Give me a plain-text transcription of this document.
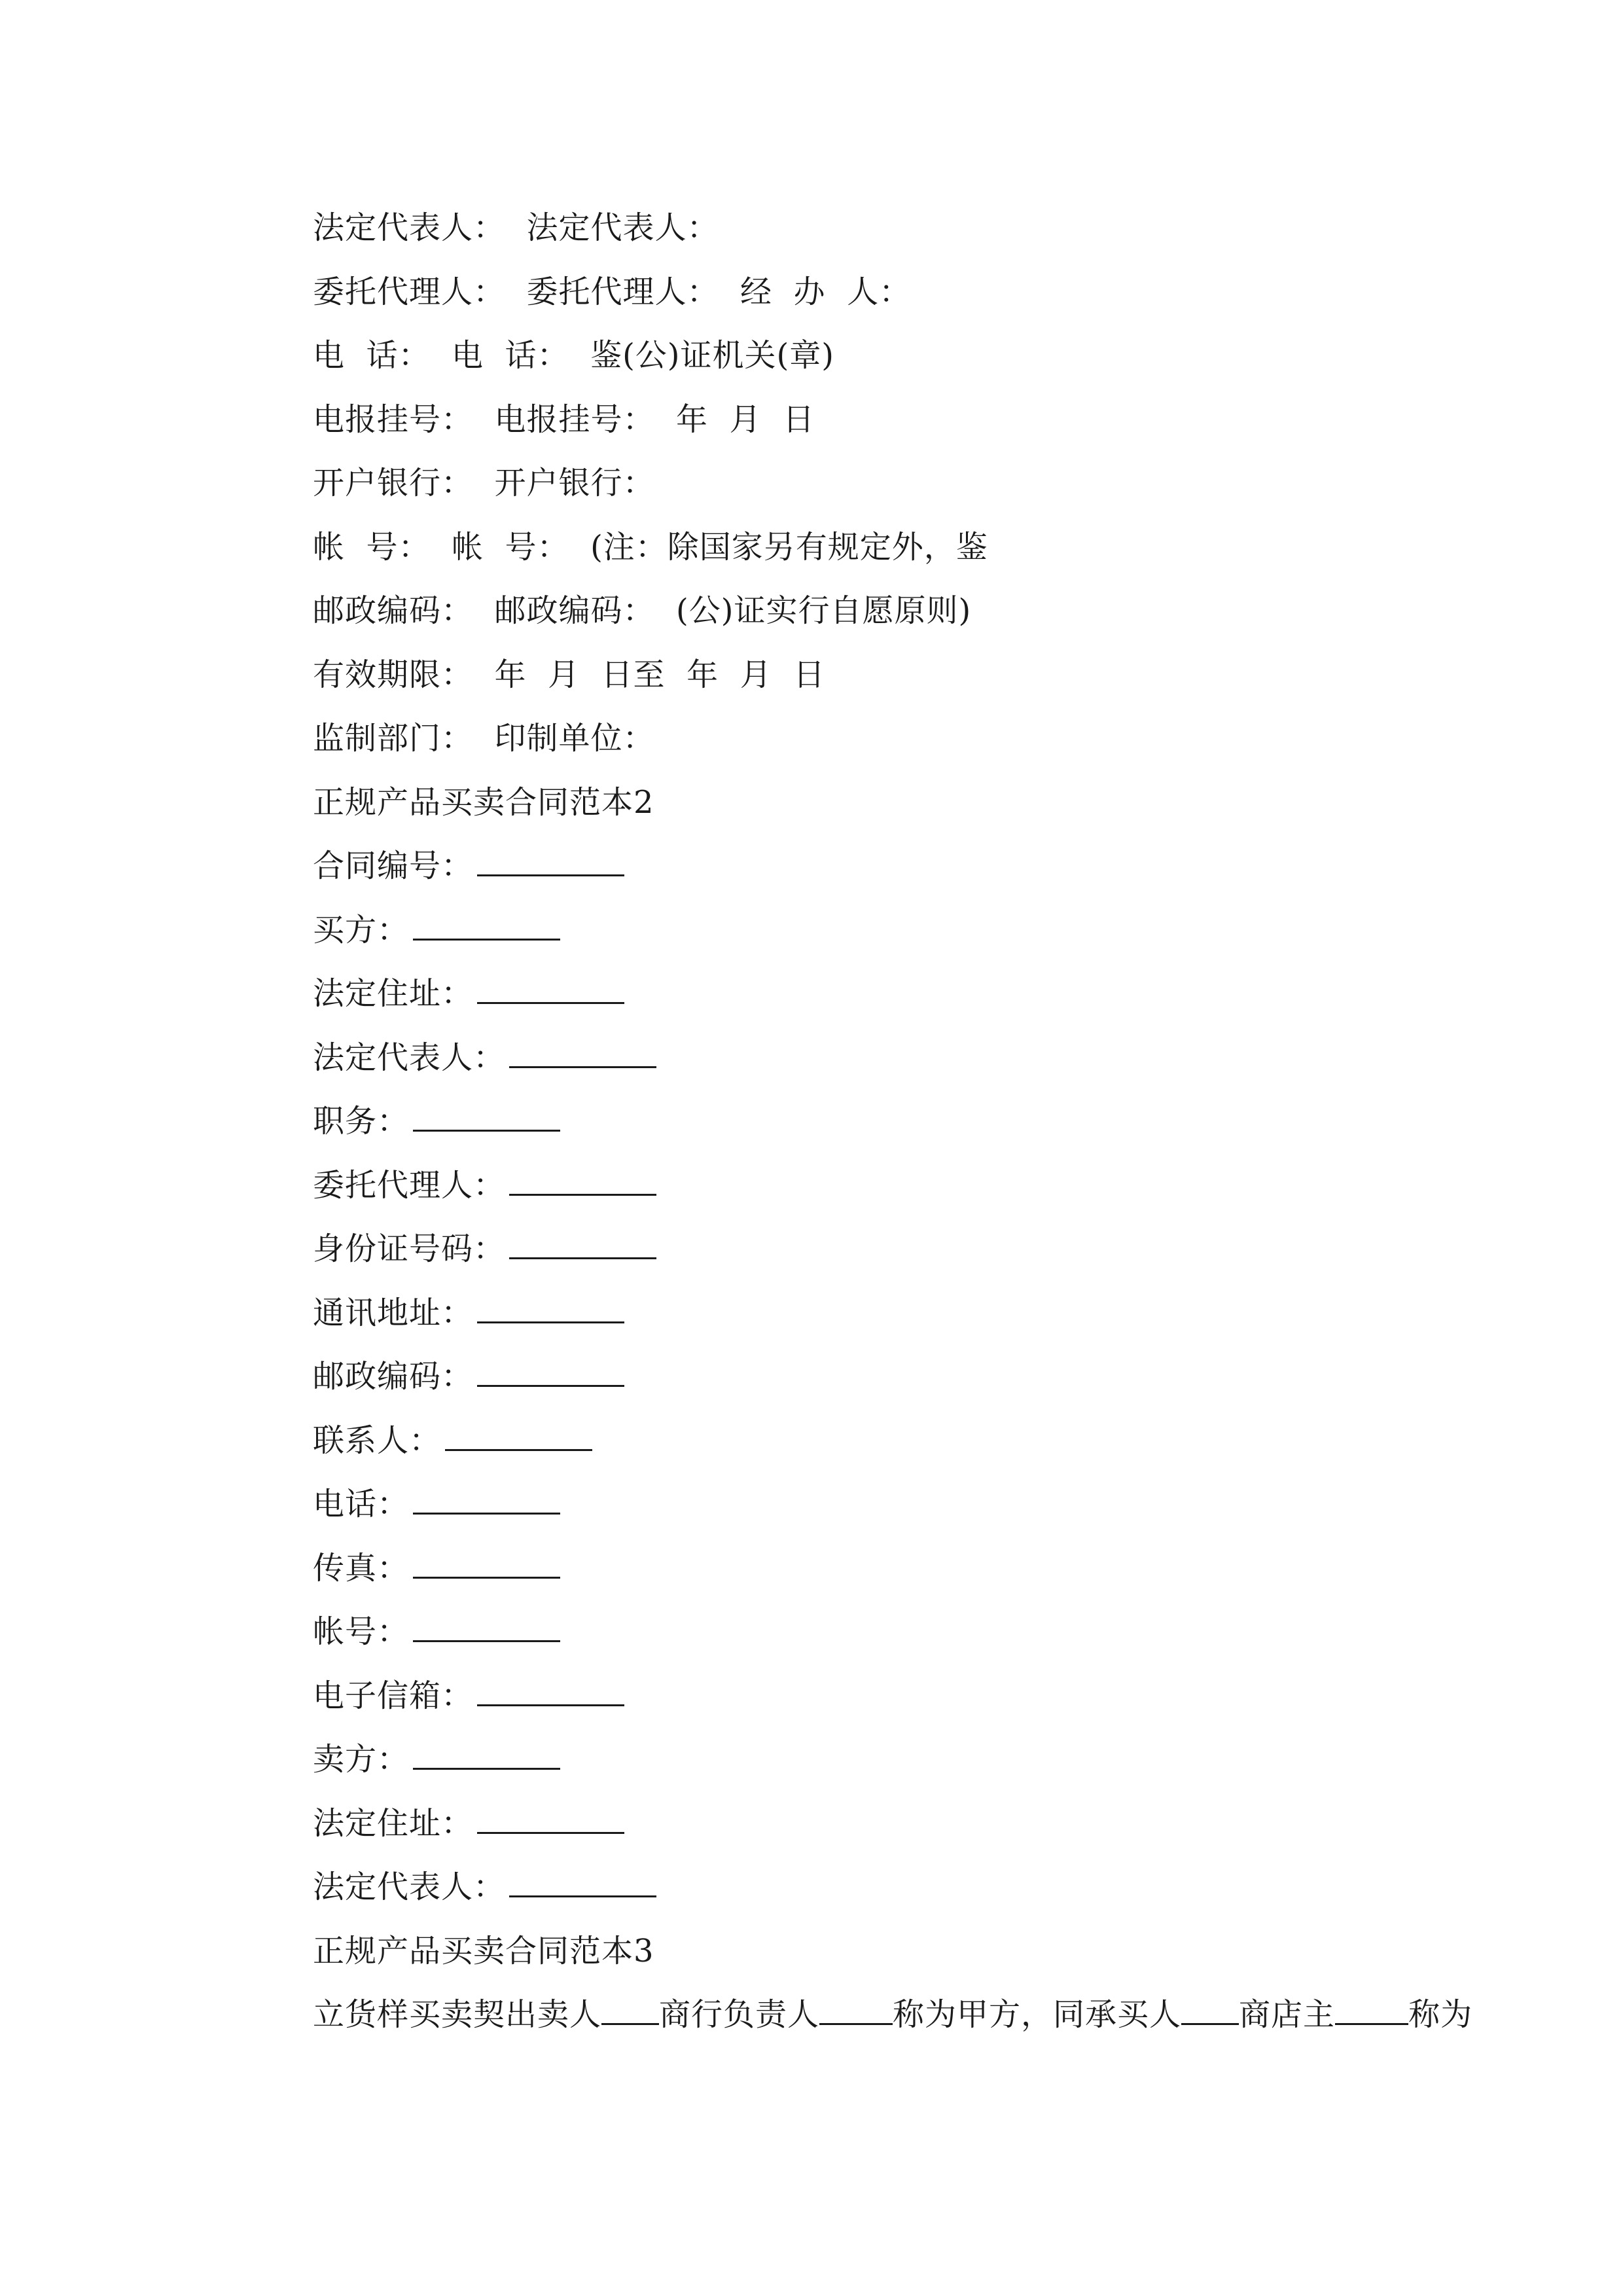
法定代表人：  法定代表人：
委托代理人：  委托代理人：  经  办  人：
电  话：  电  话：  鉴(公)证机关(章)
电报挂号：  电报挂号：  年  月  日
开户银行：  开户银行：
帐  号：  帐  号：  (注：除国家另有规定外，鉴
邮政编码：  邮政编码：  (公)证实行自愿原则)
有效期限：  年  月  日至  年  月  日
监制部门：  印制单位：
正规产品买卖合同范本2
合同编号：
买方：
法定住址：
法定代表人：
职务：
委托代理人：
身份证号码：
通讯地址：
邮政编码：
联系人：
电话：
传真：
帐号：
电子信箱：
卖方：
法定住址：
法定代表人：
正规产品买卖合同范本3
立货样买卖契出卖人 商行负责人 称为甲方，同承买人 商店主 称为
